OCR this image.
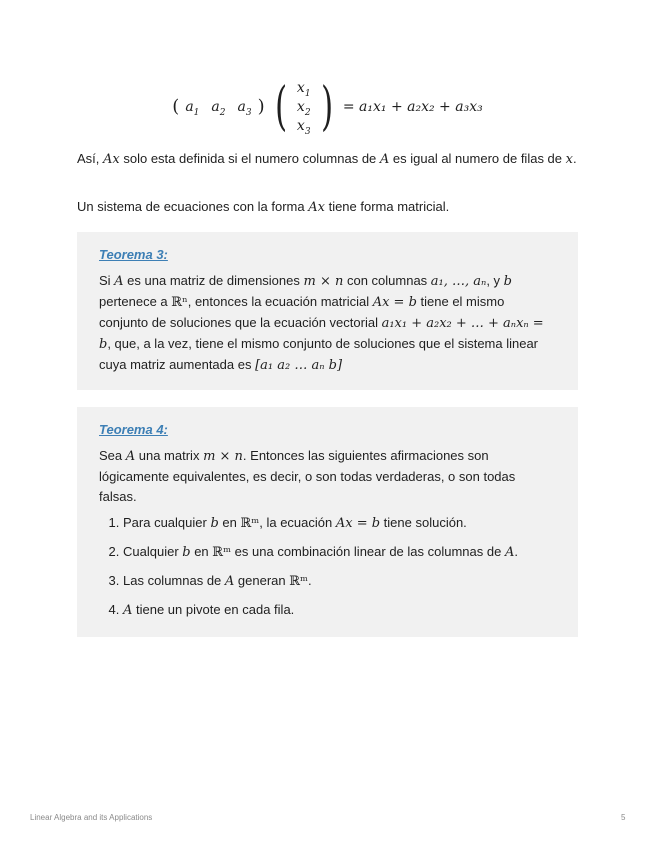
( $a_1$ $a_2$ $a_3$ ) ( $x_1$
$x_2$
$x_3$ ) = a₁x₁ + a₂x₂ + a₃x₃
Así, Ax solo esta definida si el numero columnas de A es igual al numero de filas de x.
Un sistema de ecuaciones con la forma Ax tiene forma matricial.
Teorema 3:

Si A es una matriz de dimensiones m × n con columnas a₁, …, aₙ, y b pertenece a ℝⁿ, entonces la ecuación matricial Ax = b tiene el mismo conjunto de soluciones que la ecuación vectorial a₁x₁ + a₂x₂ + … + aₙxₙ = b, que, a la vez, tiene el mismo conjunto de soluciones que el sistema linear cuya matriz aumentada es [a₁ a₂ … aₙ b]

Teorema 4:

Sea A una matrix m × n. Entonces las siguientes afirmaciones son lógicamente equivalentes, es decir, o son todas verdaderas, o son todas falsas.

1. Para cualquier b en ℝᵐ, la ecuación Ax = b tiene solución.
2. Cualquier b en ℝᵐ es una combinación linear de las columnas de A.
3. Las columnas de A generan ℝᵐ.
4. A tiene un pivote en cada fila.
Linear Algebra and its Applications	5
